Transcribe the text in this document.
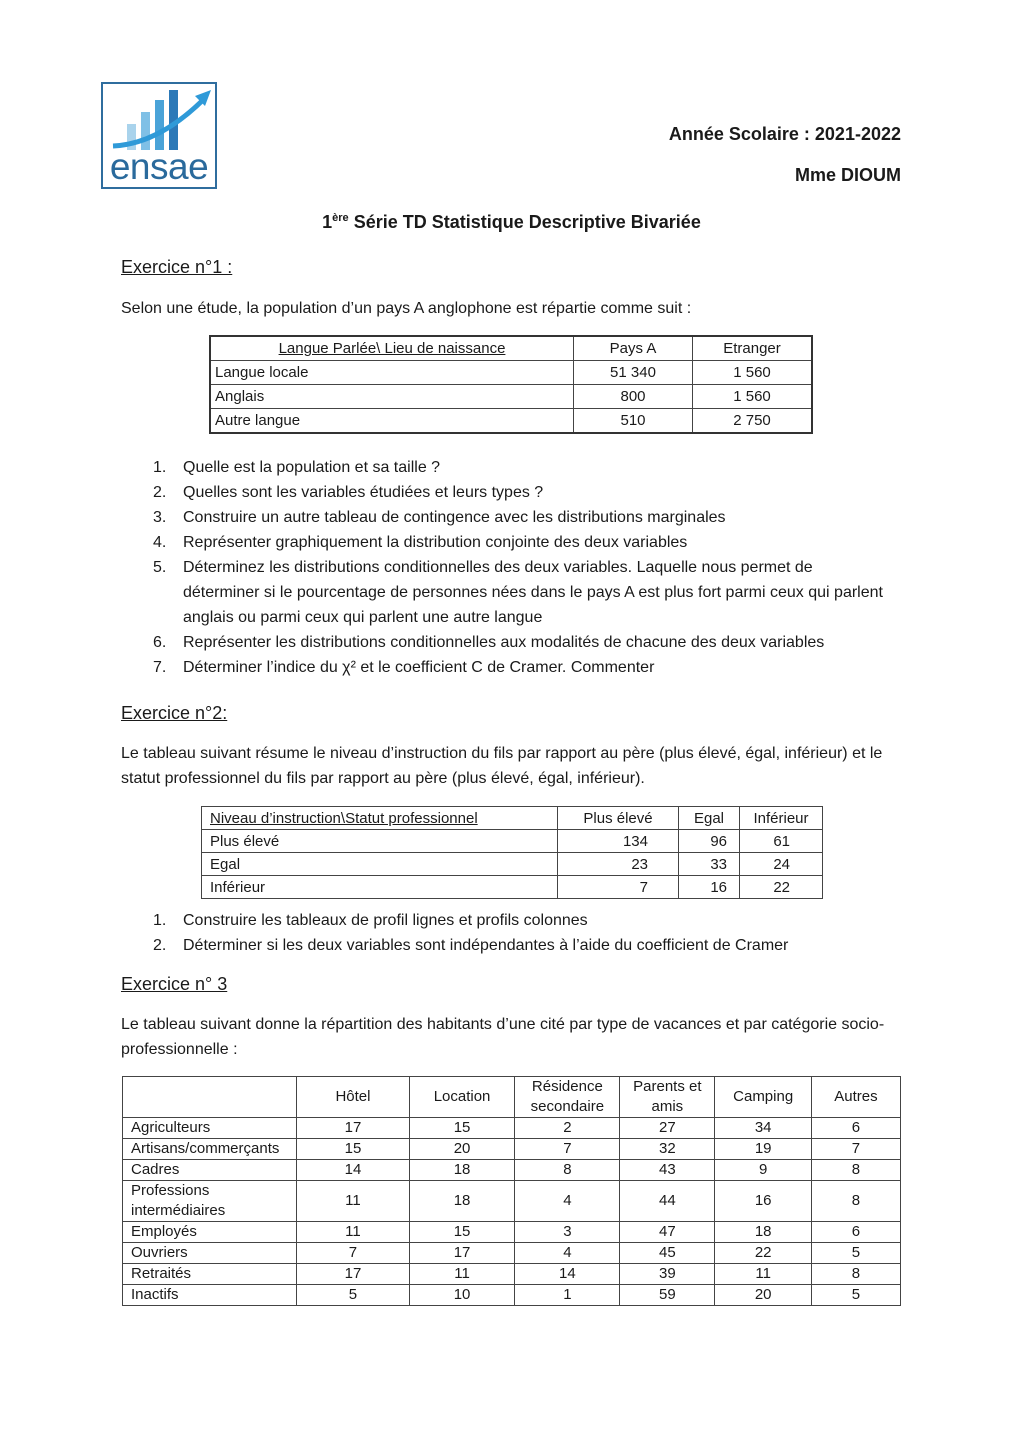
ensae
Année Scolaire : 2021-2022
Mme DIOUM
1ère Série TD Statistique Descriptive Bivariée
Exercice n°1 :
Selon une étude, la population d’un pays A anglophone est répartie comme suit :
Langue Parlée\ Lieu de naissance	Pays A	Etranger
Langue locale	51 340	1 560
Anglais	800	1 560
Autre langue	510	2 750
1. Quelle est la population et sa taille ?
2. Quelles sont les variables étudiées et leurs types ?
3. Construire un autre tableau de contingence avec les distributions marginales
4. Représenter graphiquement la distribution conjointe des deux variables
5. Déterminez les distributions conditionnelles des deux variables. Laquelle nous permet de déterminer si le pourcentage de personnes nées dans le pays A est plus fort parmi ceux qui parlent anglais ou parmi ceux qui parlent une autre langue
6. Représenter les distributions conditionnelles aux modalités de chacune des deux variables
7. Déterminer l’indice du χ² et le coefficient C de Cramer. Commenter
Exercice n°2:
Le tableau suivant résume le niveau d’instruction du fils par rapport au père (plus élevé, égal, inférieur) et le statut professionnel du fils par rapport au père (plus élevé, égal, inférieur).
Niveau d’instruction\Statut professionnel	Plus élevé	Egal	Inférieur
Plus élevé	134	96	61
Egal	23	33	24
Inférieur	7	16	22
1. Construire les tableaux de profil lignes et profils colonnes
2. Déterminer si les deux variables sont indépendantes à l’aide du coefficient de Cramer
Exercice n° 3
Le tableau suivant donne la répartition des habitants d’une cité par type de vacances et par catégorie socio-professionnelle :
	Hôtel	Location	Résidence secondaire	Parents et amis	Camping	Autres
Agriculteurs	17	15	2	27	34	6
Artisans/commerçants	15	20	7	32	19	7
Cadres	14	18	8	43	9	8
Professions intermédiaires	11	18	4	44	16	8
Employés	11	15	3	47	18	6
Ouvriers	7	17	4	45	22	5
Retraités	17	11	14	39	11	8
Inactifs	5	10	1	59	20	5
